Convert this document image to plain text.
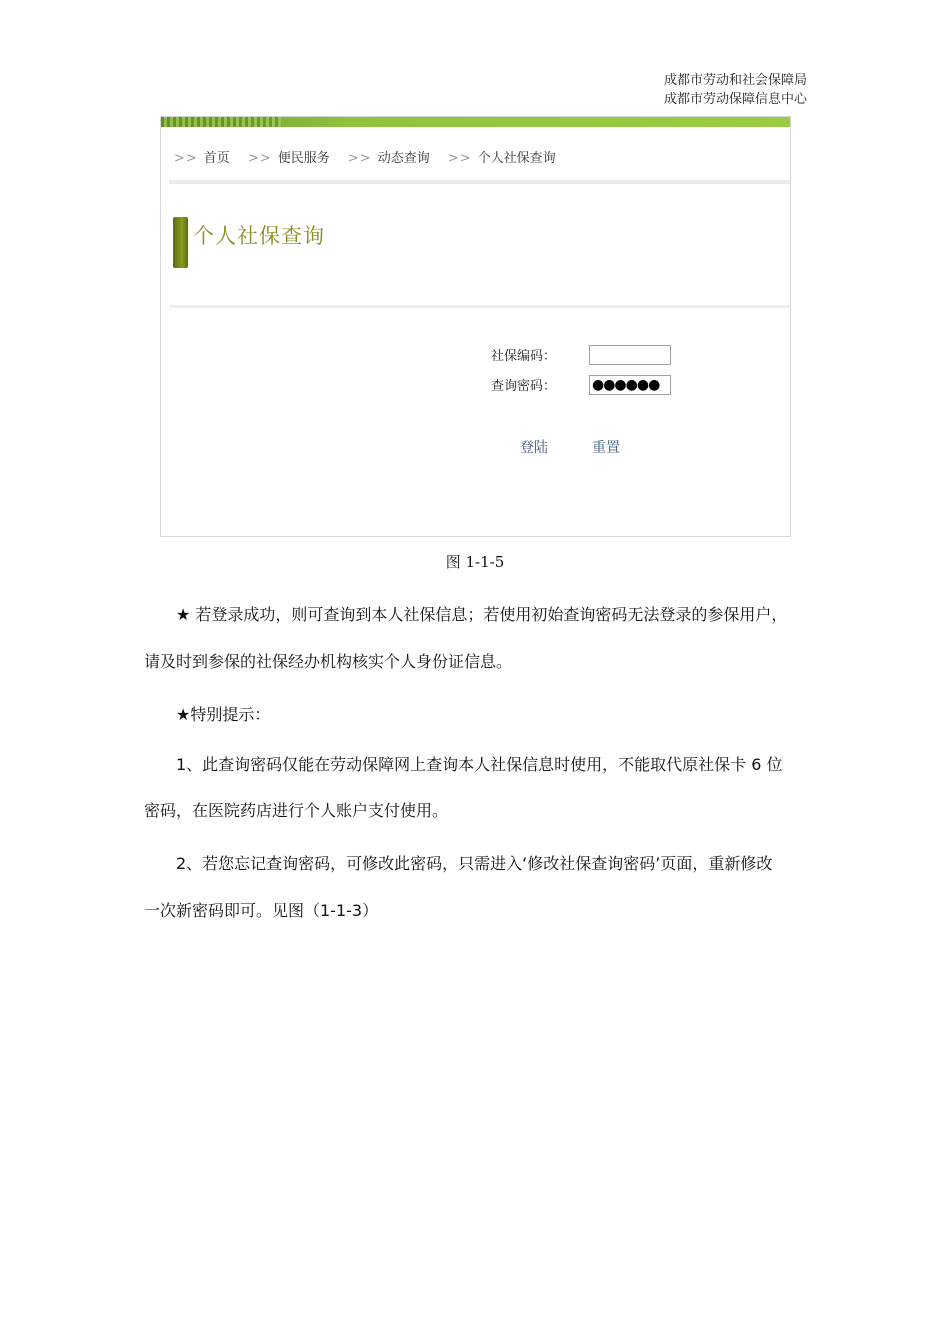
成都市劳动和社会保障局
成都市劳动保障信息中心
>> 首页 >> 便民服务 >> 动态查询 >> 个人社保查询
个人社保查询
社保编码：
查询密码：	●●●●●●
登陆	重置
图 1-1-5
★ 若登录成功，则可查询到本人社保信息；若使用初始查询密码无法登录的参保用户，
请及时到参保的社保经办机构核实个人身份证信息。
★特别提示：
1、此查询密码仅能在劳动保障网上查询本人社保信息时使用，不能取代原社保卡 6 位
密码，在医院药店进行个人账户支付使用。
2、若您忘记查询密码，可修改此密码，只需进入‘修改社保查询密码’页面，重新修改
一次新密码即可。见图（1-1-3）
